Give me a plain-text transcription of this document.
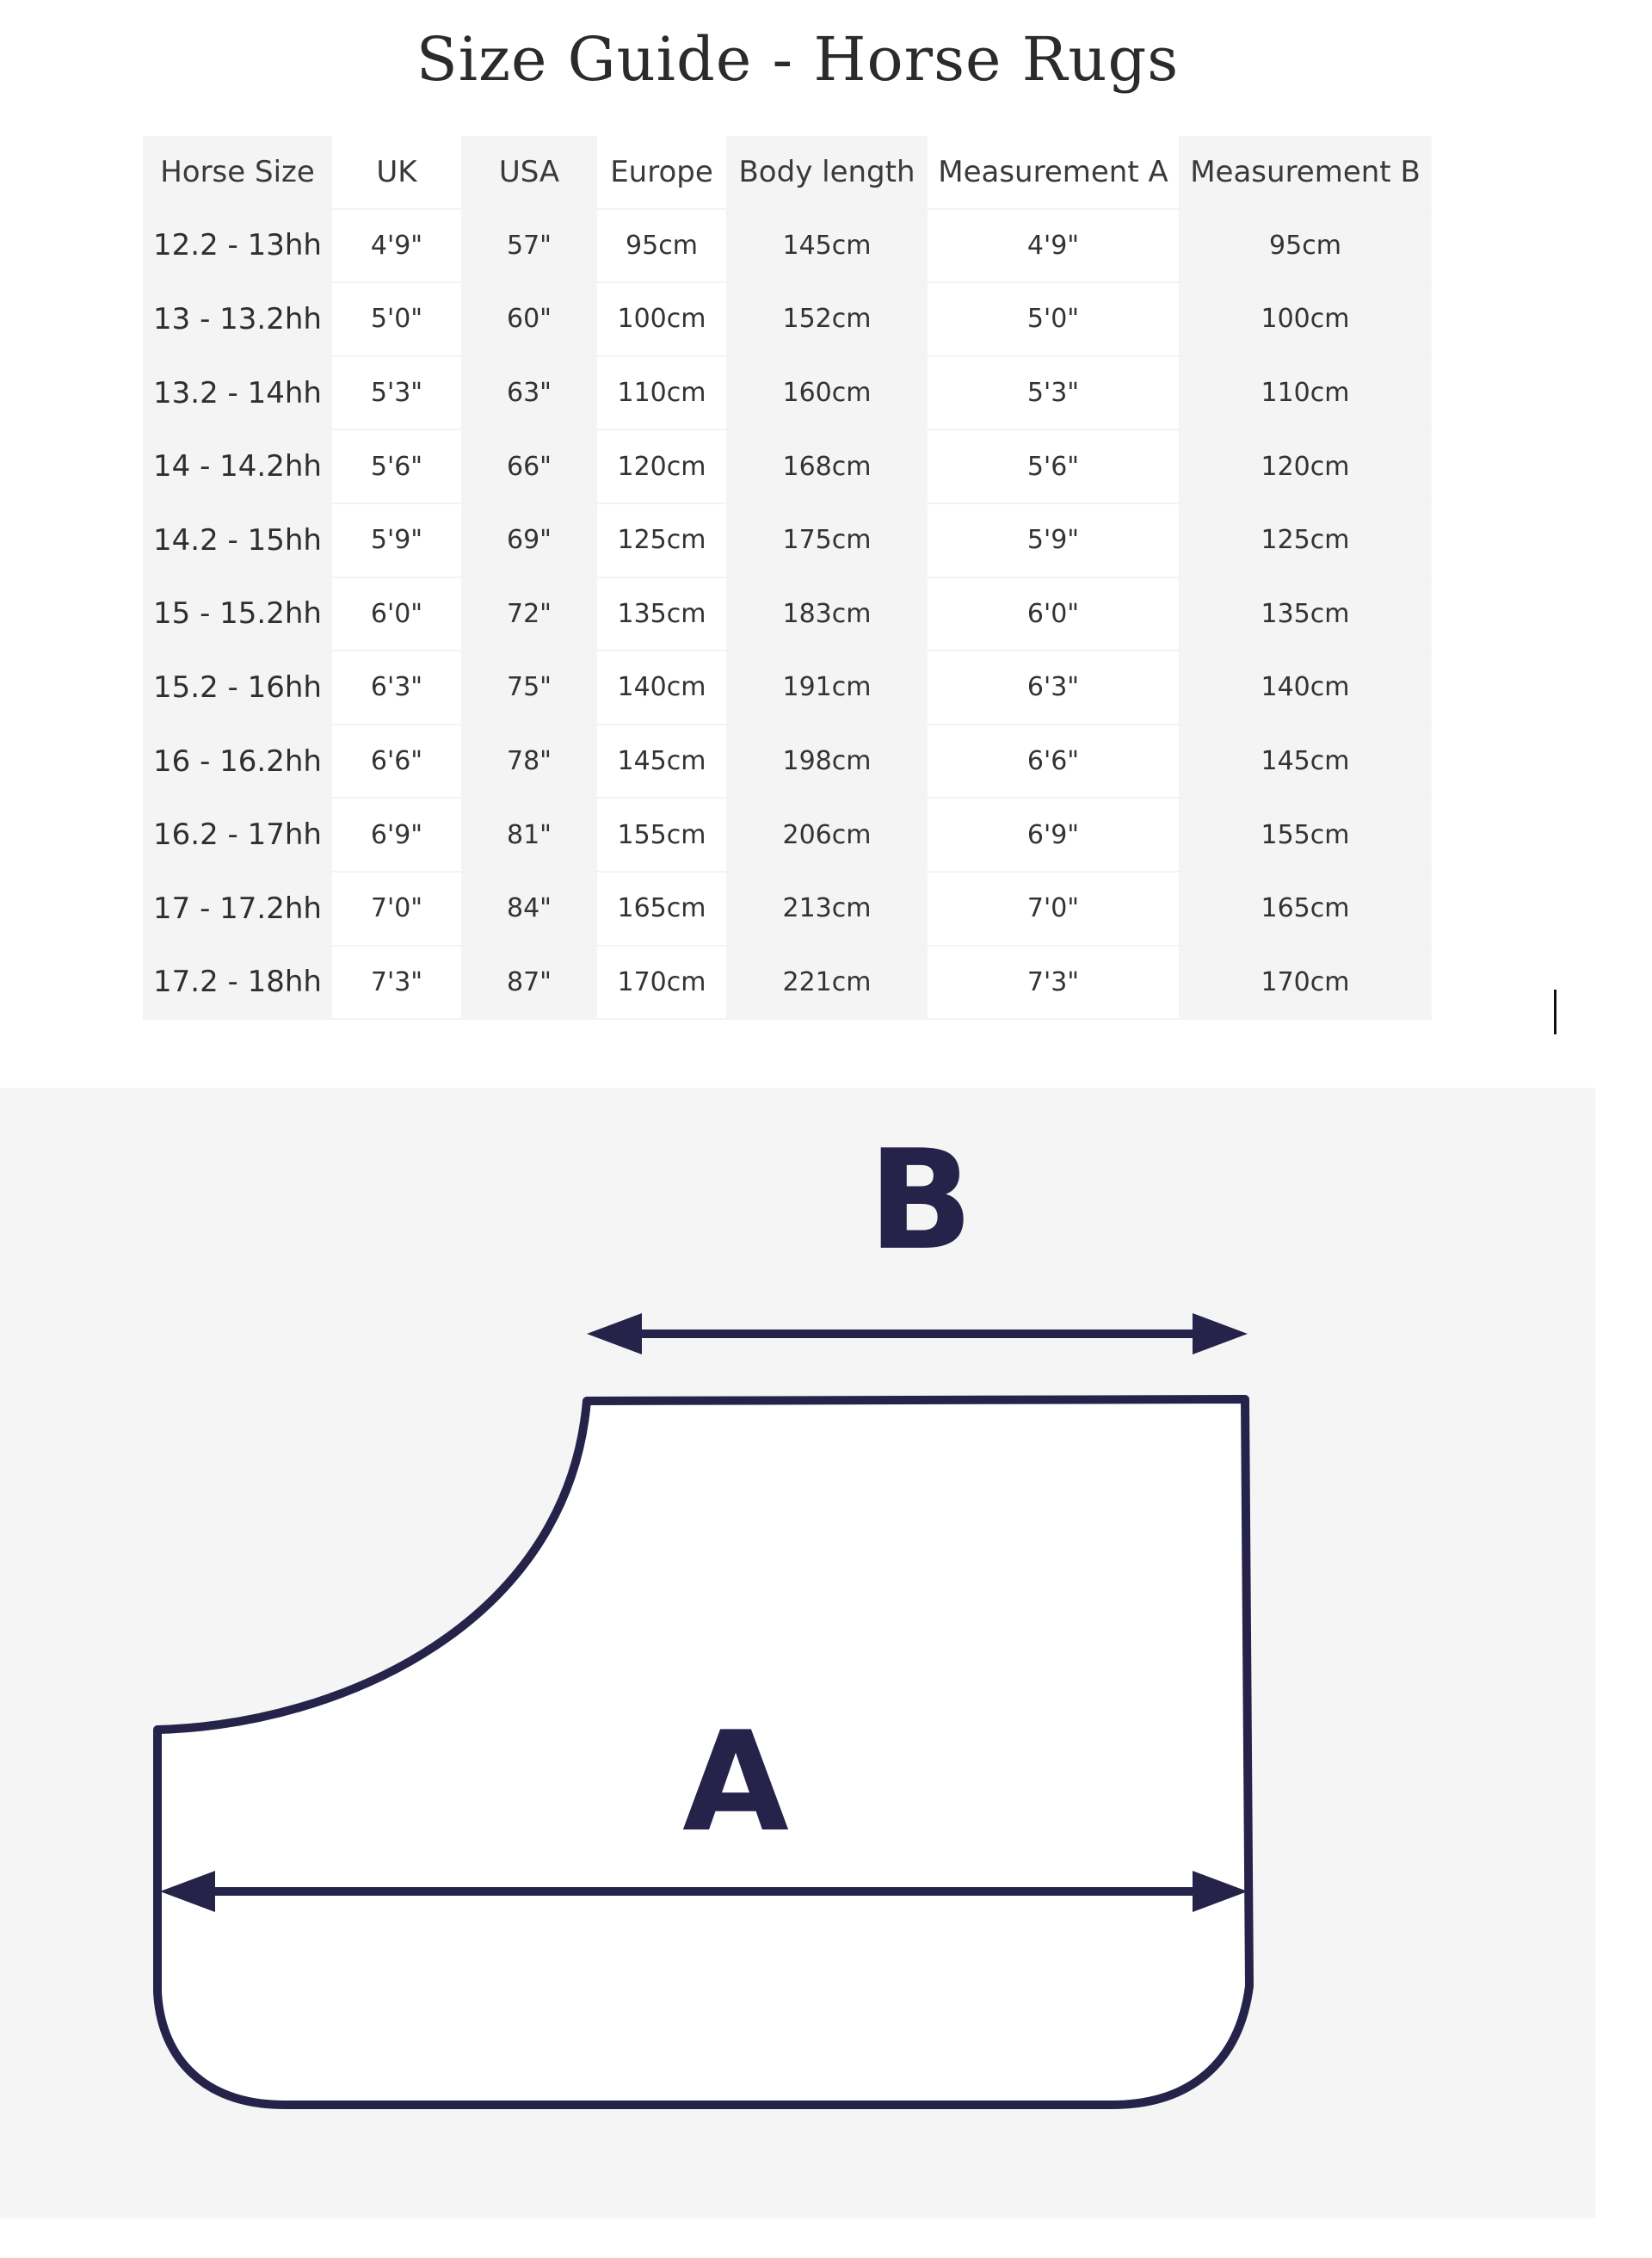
Size Guide - Horse Rugs
Horse Size	UK	USA	Europe	Body length	Measurement A	Measurement B
12.2 - 13hh	4'9"	57"	95cm	145cm	4'9"	95cm
13 - 13.2hh	5'0"	60"	100cm	152cm	5'0"	100cm
13.2 - 14hh	5'3"	63"	110cm	160cm	5'3"	110cm
14 - 14.2hh	5'6"	66"	120cm	168cm	5'6"	120cm
14.2 - 15hh	5'9"	69"	125cm	175cm	5'9"	125cm
15 - 15.2hh	6'0"	72"	135cm	183cm	6'0"	135cm
15.2 - 16hh	6'3"	75"	140cm	191cm	6'3"	140cm
16 - 16.2hh	6'6"	78"	145cm	198cm	6'6"	145cm
16.2 - 17hh	6'9"	81"	155cm	206cm	6'9"	155cm
17 - 17.2hh	7'0"	84"	165cm	213cm	7'0"	165cm
17.2 - 18hh	7'3"	87"	170cm	221cm	7'3"	170cm
B
A
